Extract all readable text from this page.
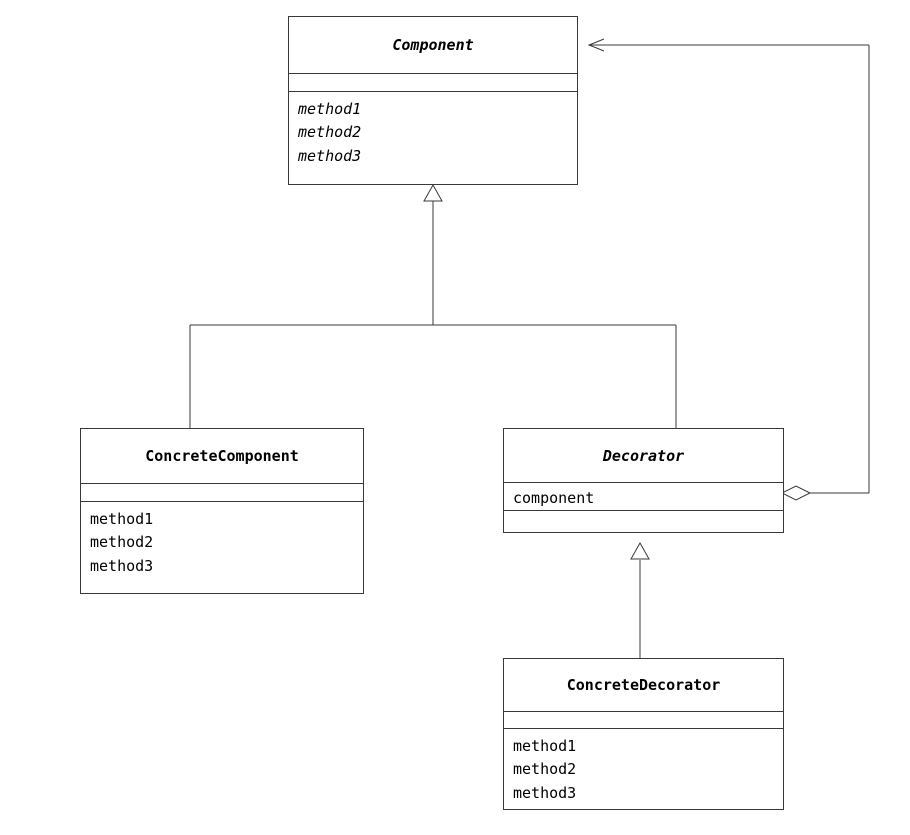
Component
method1
method2
method3
ConcreteComponent
method1
method2
method3
Decorator
component
ConcreteDecorator
method1
method2
method3
